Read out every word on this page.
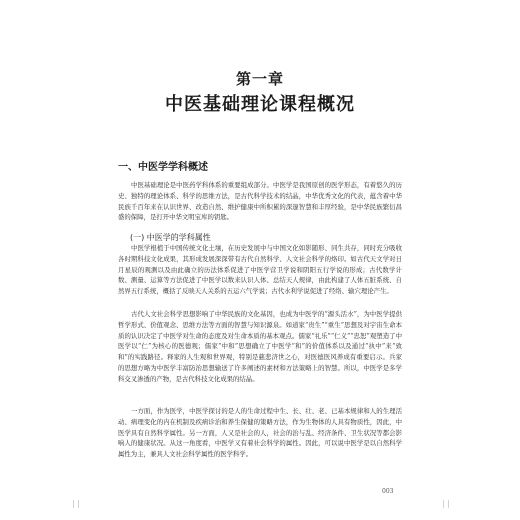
第一章
中医基础理论课程概况
一、中医学学科概述

中医基础理论是中医药学科体系的重要组成部分。中医学是我国原创的医学形态，有着悠久的历史、独特的理论体系、科学的思维方法，是古代科学技术的结晶，中华优秀文化的代表，蕴含着中华民族千百年来在认识世界、改造自然、维护健康中所积累的深邃智慧和丰厚经验，是中华民族繁衍昌盛的保障，是打开中华文明宝库的钥匙。

(一) 中医学的学科属性

中医学根植于中国传统文化土壤，在历史发展中与中国文化如影随形、同生共存，同时充分吸收各时期科技文化成果，其形成发展深深带有古代自然科学、人文社会科学的烙印。如古代天文学对日月星辰的观测以及由此确立的历法体系促进了中医学营卫学说和阴阳五行学说的形成；古代数学计数、测量、运算等方法促进了中医学以数来认识人体、总结天人规律，由此构建了人体五脏系统、自然界五行系统，概括了反映天人关系的五运六气学说；古代水利学说促进了经络、输穴理论产生。

古代人文社会科学思想影响了中华民族的文化基因，也成为中医学的“源头活水”，为中医学提供哲学形式、价值观念、思维方法等方面的智慧与知识源泉。如道家“贵生”“重生”思想及对宇宙生命本质的认识决定了中医学对生命的态度及对生命本质的基本观点。儒家“礼乐”“仁义”“忠恕”观塑造了中医学以“仁”为核心的医德观；儒家“中和”思想确立了中医学“和”的价值体系以及通过“执中”来“致和”的实践路径。释家的人生观和世界观，特别是慈悲济世之心，对医德医风养成有重要启示。兵家的思想方略为中医学丰富防治思想输送了许多阐述的素材和方法策略上的智慧。所以，中医学是多学科交叉渗透的产物，是古代科技文化成果的结晶。

一方面，作为医学，中医学探讨的是人的生命过程中生、长、壮、老、已基本规律和人的生理活动、病理变化的内在机制及疾病诊治和养生保健的策略方法，作为生物体的人具有物质性，因此，中医学具有自然科学属性。另一方面，人又是社会的人，社会的治与乱、经济条件、卫生状况等都会影响人的健康状况。从这一角度看，中医学又有着社会科学的属性。因此，可以说中医学是以自然科学属性为主，兼具人文社会科学属性的医学科学。

003
| |	| |
